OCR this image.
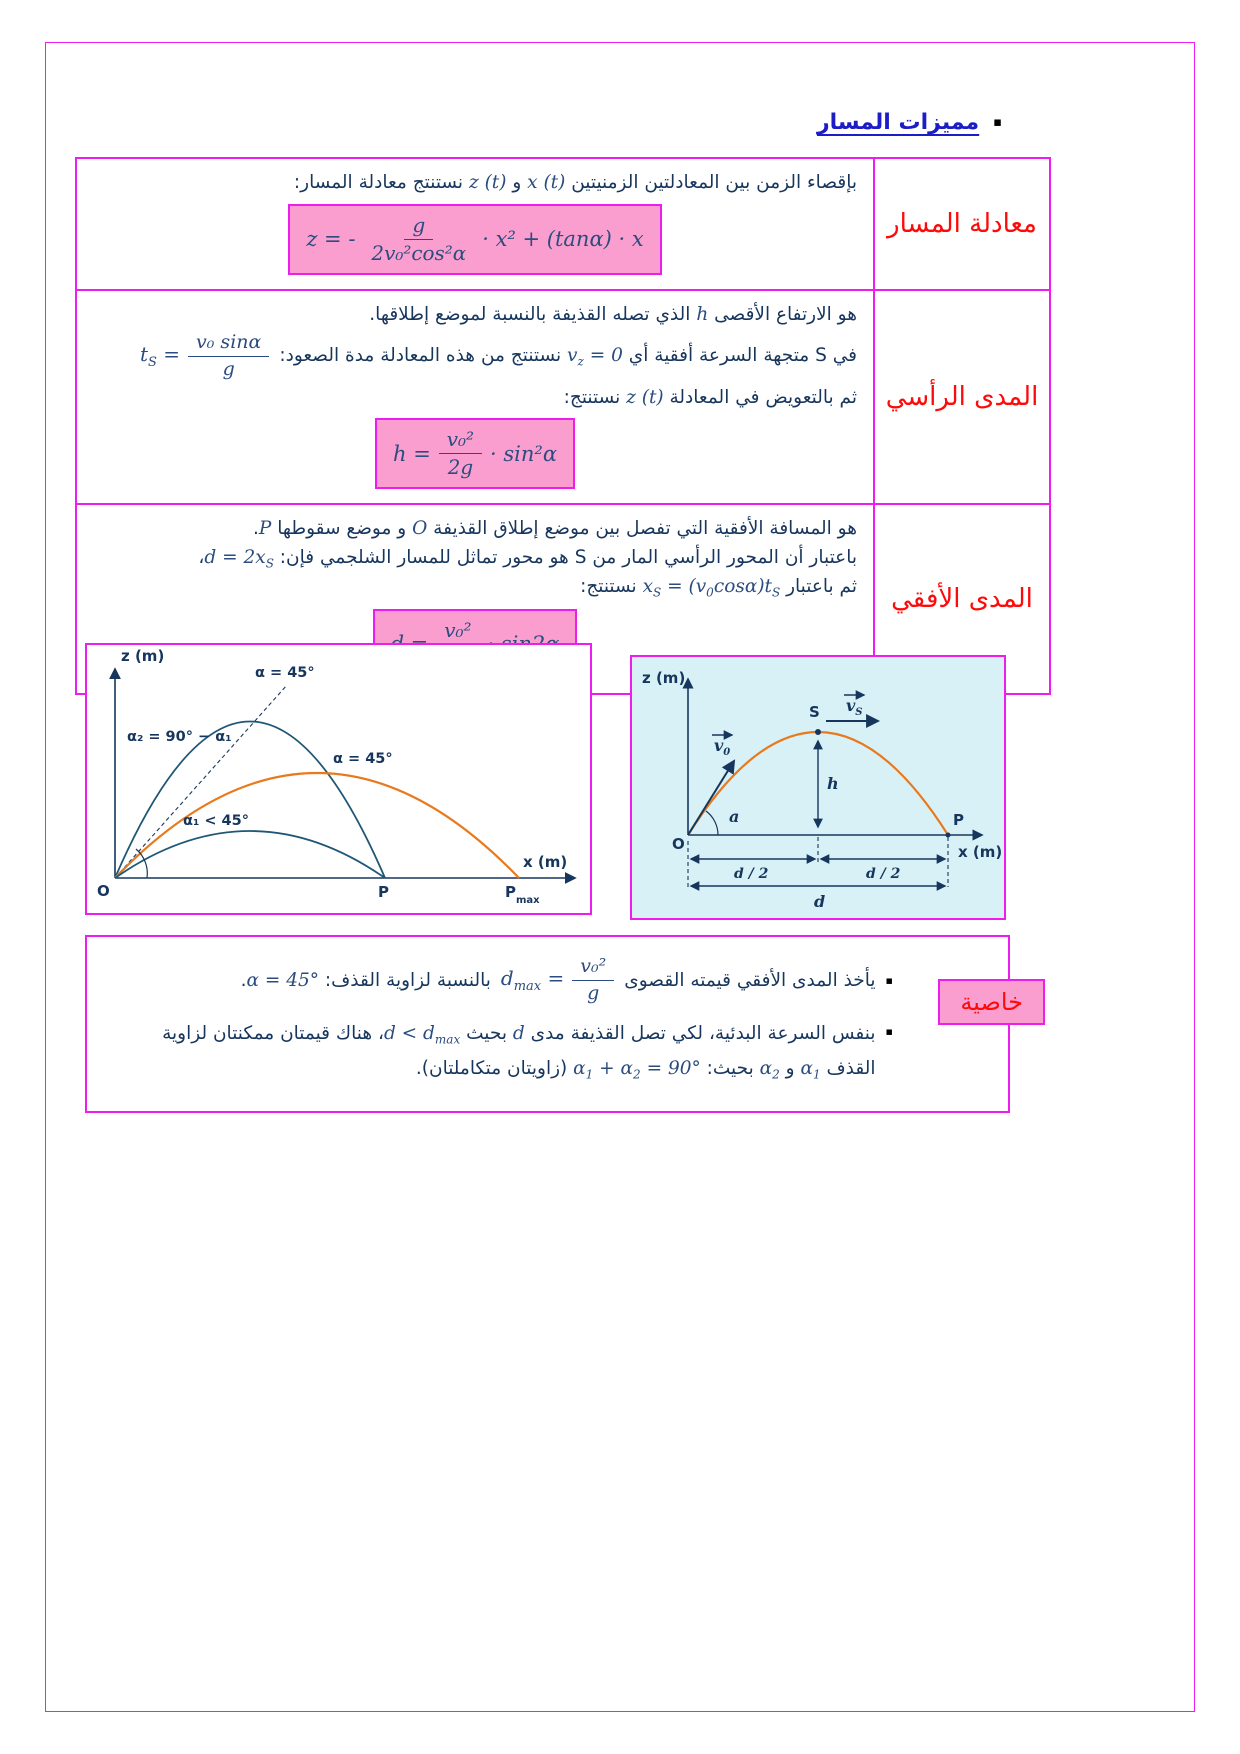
▪
مميزات المسار
معادلة المسار

بإقصاء الزمن بين المعادلتين الزمنيتين x (t) و z (t) نستنتج معادلة المسار:

z = - $\frac{g}{\text{2v₀²cos²α}} \cdot x^2 + (\tan\alpha) \cdot x$
المدى الرأسي

هو الارتفاع الأقصى h الذي تصله القذيفة بالنسبة لموضع إطلاقها.

في S متجهة السرعة أفقية أي $v_z = 0$ نستنتج من هذه المعادلة مدة الصعود:
$t_S = \frac{\text{v₀ sinα}}{g}$

ثم بالتعويض في المعادلة z (t) نستنتج:

$h = \frac{\text{v₀²}}{2g} \cdot \sin^2\alpha$
المدى الأفقي

هو المسافة الأفقية التي تفصل بين موضع إطلاق القذيفة O و موضع سقوطها P.

باعتبار أن المحور الرأسي المار من S هو محور تماثل للمسار الشلجمي فإن: $d = 2x_S،$

ثم باعتبار $x_S = (v_0\cos\alpha)t_S$ نستنتج:

v₀²
z (m)
x (m)
O
α = 45°
α₂ = 90° − α₁
α = 45°
α₁ < 45°
P	P max
z (m)
x (m)
O
$v_0$
a
S $v_S$
h
P
d / 2	d / 2
d
خاصية
▪
يأخذ المدى الأفقي قيمته القصوى
$d_{max} = \frac{\text{v₀²}}{g}$
بالنسبة لزاوية القذف: α = 45°.
▪

بنفس السرعة البدئية، لكي تصل القذيفة مدى d بحيث $d < d_{max}،$ هناك قيمتان ممكنتان لزاوية القذف $\alpha_1$ و $\alpha_2$ بحيث: $\alpha_1 + \alpha_2 = 90^\circ$ (زاويتان متكاملتان).
